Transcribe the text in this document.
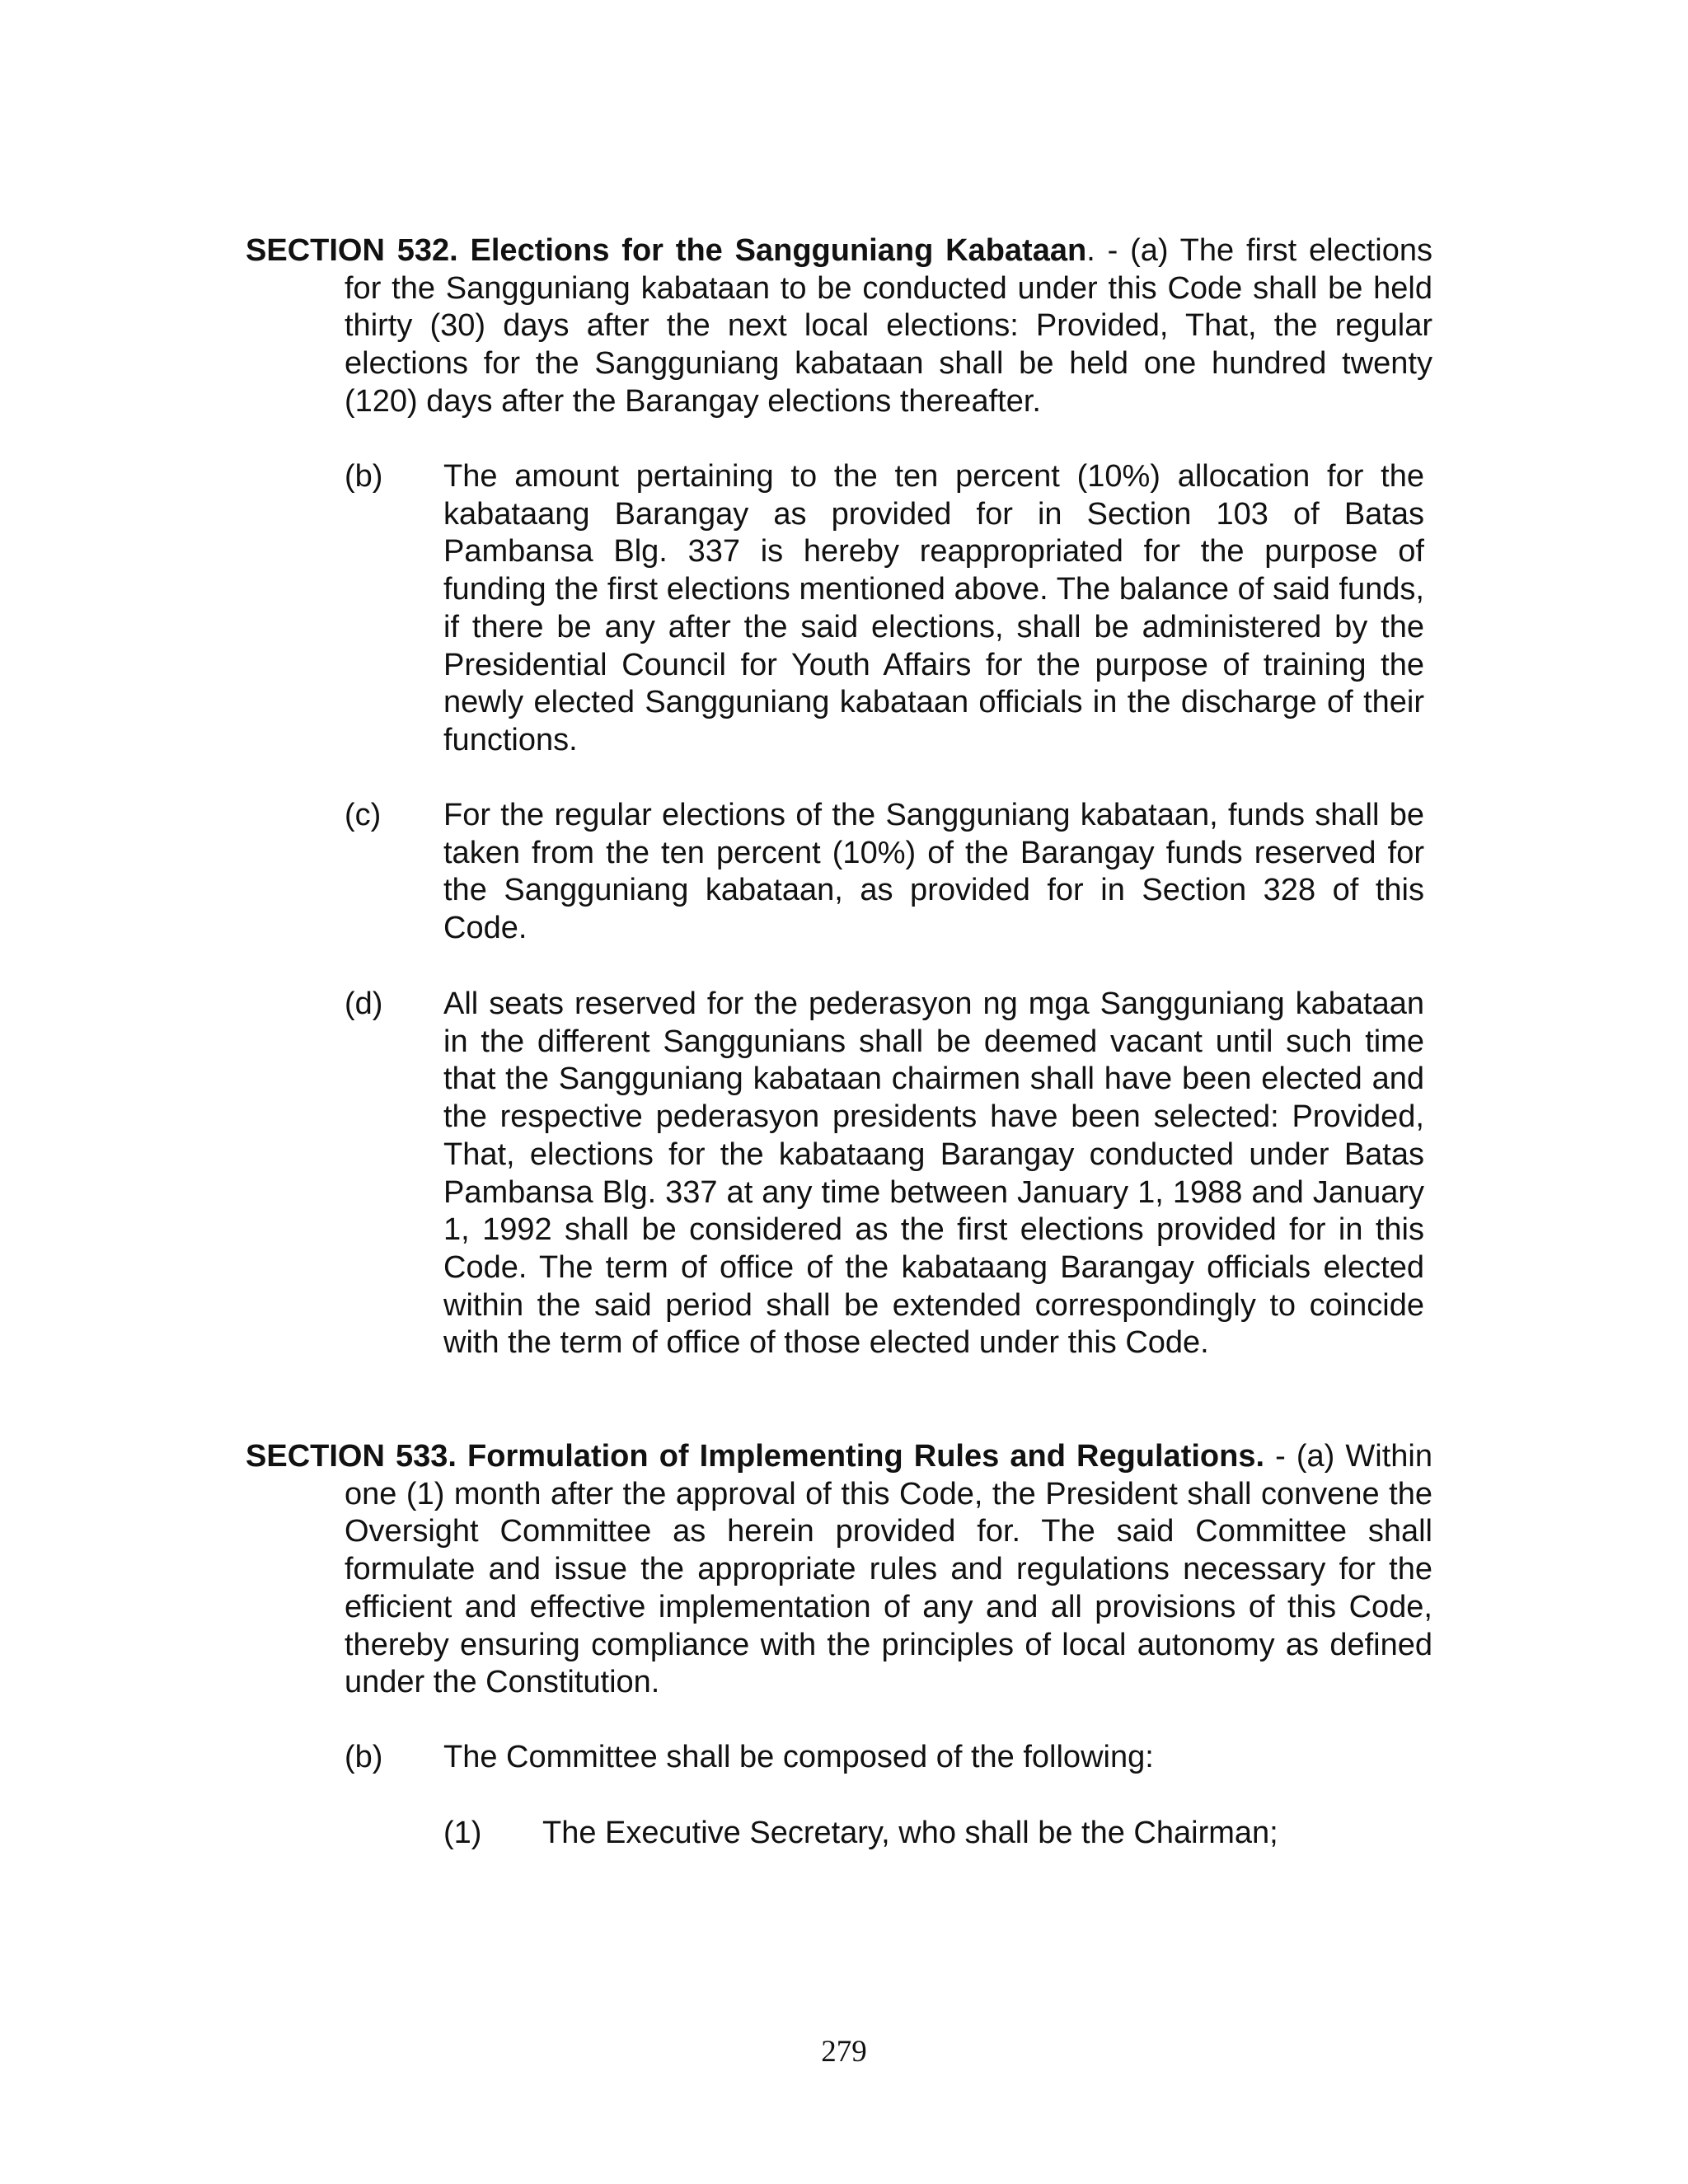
SECTION 532. Elections for the Sangguniang Kabataan. - (a) The first elections for the Sangguniang kabataan to be conducted under this Code shall be held thirty (30) days after the next local elections: Provided, That, the regular elections for the Sangguniang kabataan shall be held one hundred twenty (120) days after the Barangay elections thereafter.
(b)	The amount pertaining to the ten percent (10%) allocation for the kabataang Barangay as provided for in Section 103 of Batas Pambansa Blg. 337 is hereby reappropriated for the purpose of funding the first elections mentioned above. The balance of said funds, if there be any after the said elections, shall be administered by the Presidential Council for Youth Affairs for the purpose of training the newly elected Sangguniang kabataan officials in the discharge of their functions.
(c)	For the regular elections of the Sangguniang kabataan, funds shall be taken from the ten percent (10%) of the Barangay funds reserved for the Sangguniang kabataan, as provided for in Section 328 of this Code.
(d)	All seats reserved for the pederasyon ng mga Sangguniang kabataan in the different Sanggunians shall be deemed vacant until such time that the Sangguniang kabataan chairmen shall have been elected and the respective pederasyon presidents have been selected: Provided, That, elections for the kabataang Barangay conducted under Batas Pambansa Blg. 337 at any time between January 1, 1988 and January 1, 1992 shall be considered as the first elections provided for in this Code. The term of office of the kabataang Barangay officials elected within the said period shall be extended correspondingly to coincide with the term of office of those elected under this Code.
SECTION 533. Formulation of Implementing Rules and Regulations. - (a) Within one (1) month after the approval of this Code, the President shall convene the Oversight Committee as herein provided for. The said Committee shall formulate and issue the appropriate rules and regulations necessary for the efficient and effective implementation of any and all provisions of this Code, thereby ensuring compliance with the principles of local autonomy as defined under the Constitution.
(b)	The Committee shall be composed of the following:
(1)	The Executive Secretary, who shall be the Chairman;
279
